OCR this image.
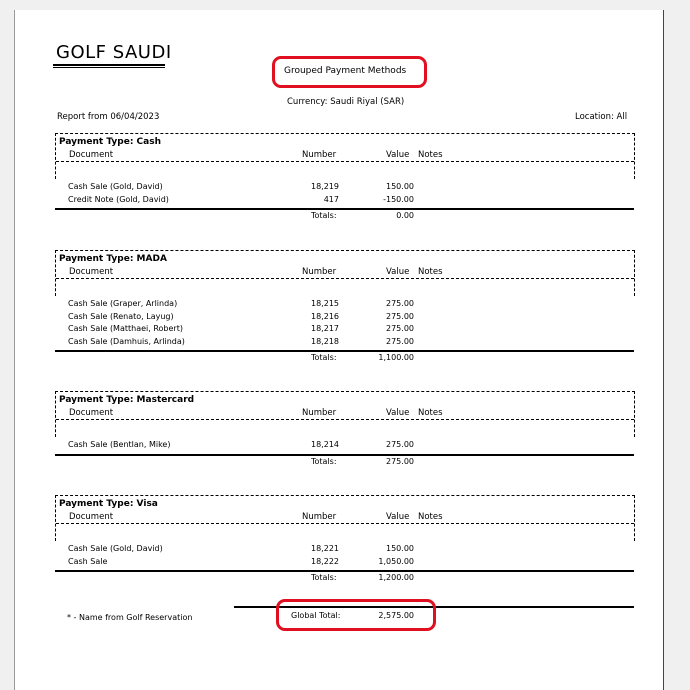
GOLF SAUDI
Grouped Payment Methods
Currency: Saudi Riyal (SAR)
Report from 06/04/2023	Location: All
Payment Type: Cash
Document	Number	Value Notes
Cash Sale (Gold, David)	18,219	150.00
Credit Note (Gold, David)	417	-150.00
Totals:	0.00
Payment Type: MADA
Document	Number	Value Notes
Cash Sale (Graper, Arlinda)	18,215	275.00
Cash Sale (Renato, Layug)	18,216	275.00
Cash Sale (Matthaei, Robert)	18,217	275.00
Cash Sale (Damhuis, Arlinda)	18,218	275.00
Totals:	1,100.00
Payment Type: Mastercard
Document	Number	Value Notes
Cash Sale (Bentlan, Mike)	18,214	275.00
Totals:	275.00
Payment Type: Visa
Document	Number	Value Notes
Cash Sale (Gold, David)	18,221	150.00
Cash Sale	18,222	1,050.00
Totals:	1,200.00
* - Name from Golf Reservation	Global Total:	2,575.00
